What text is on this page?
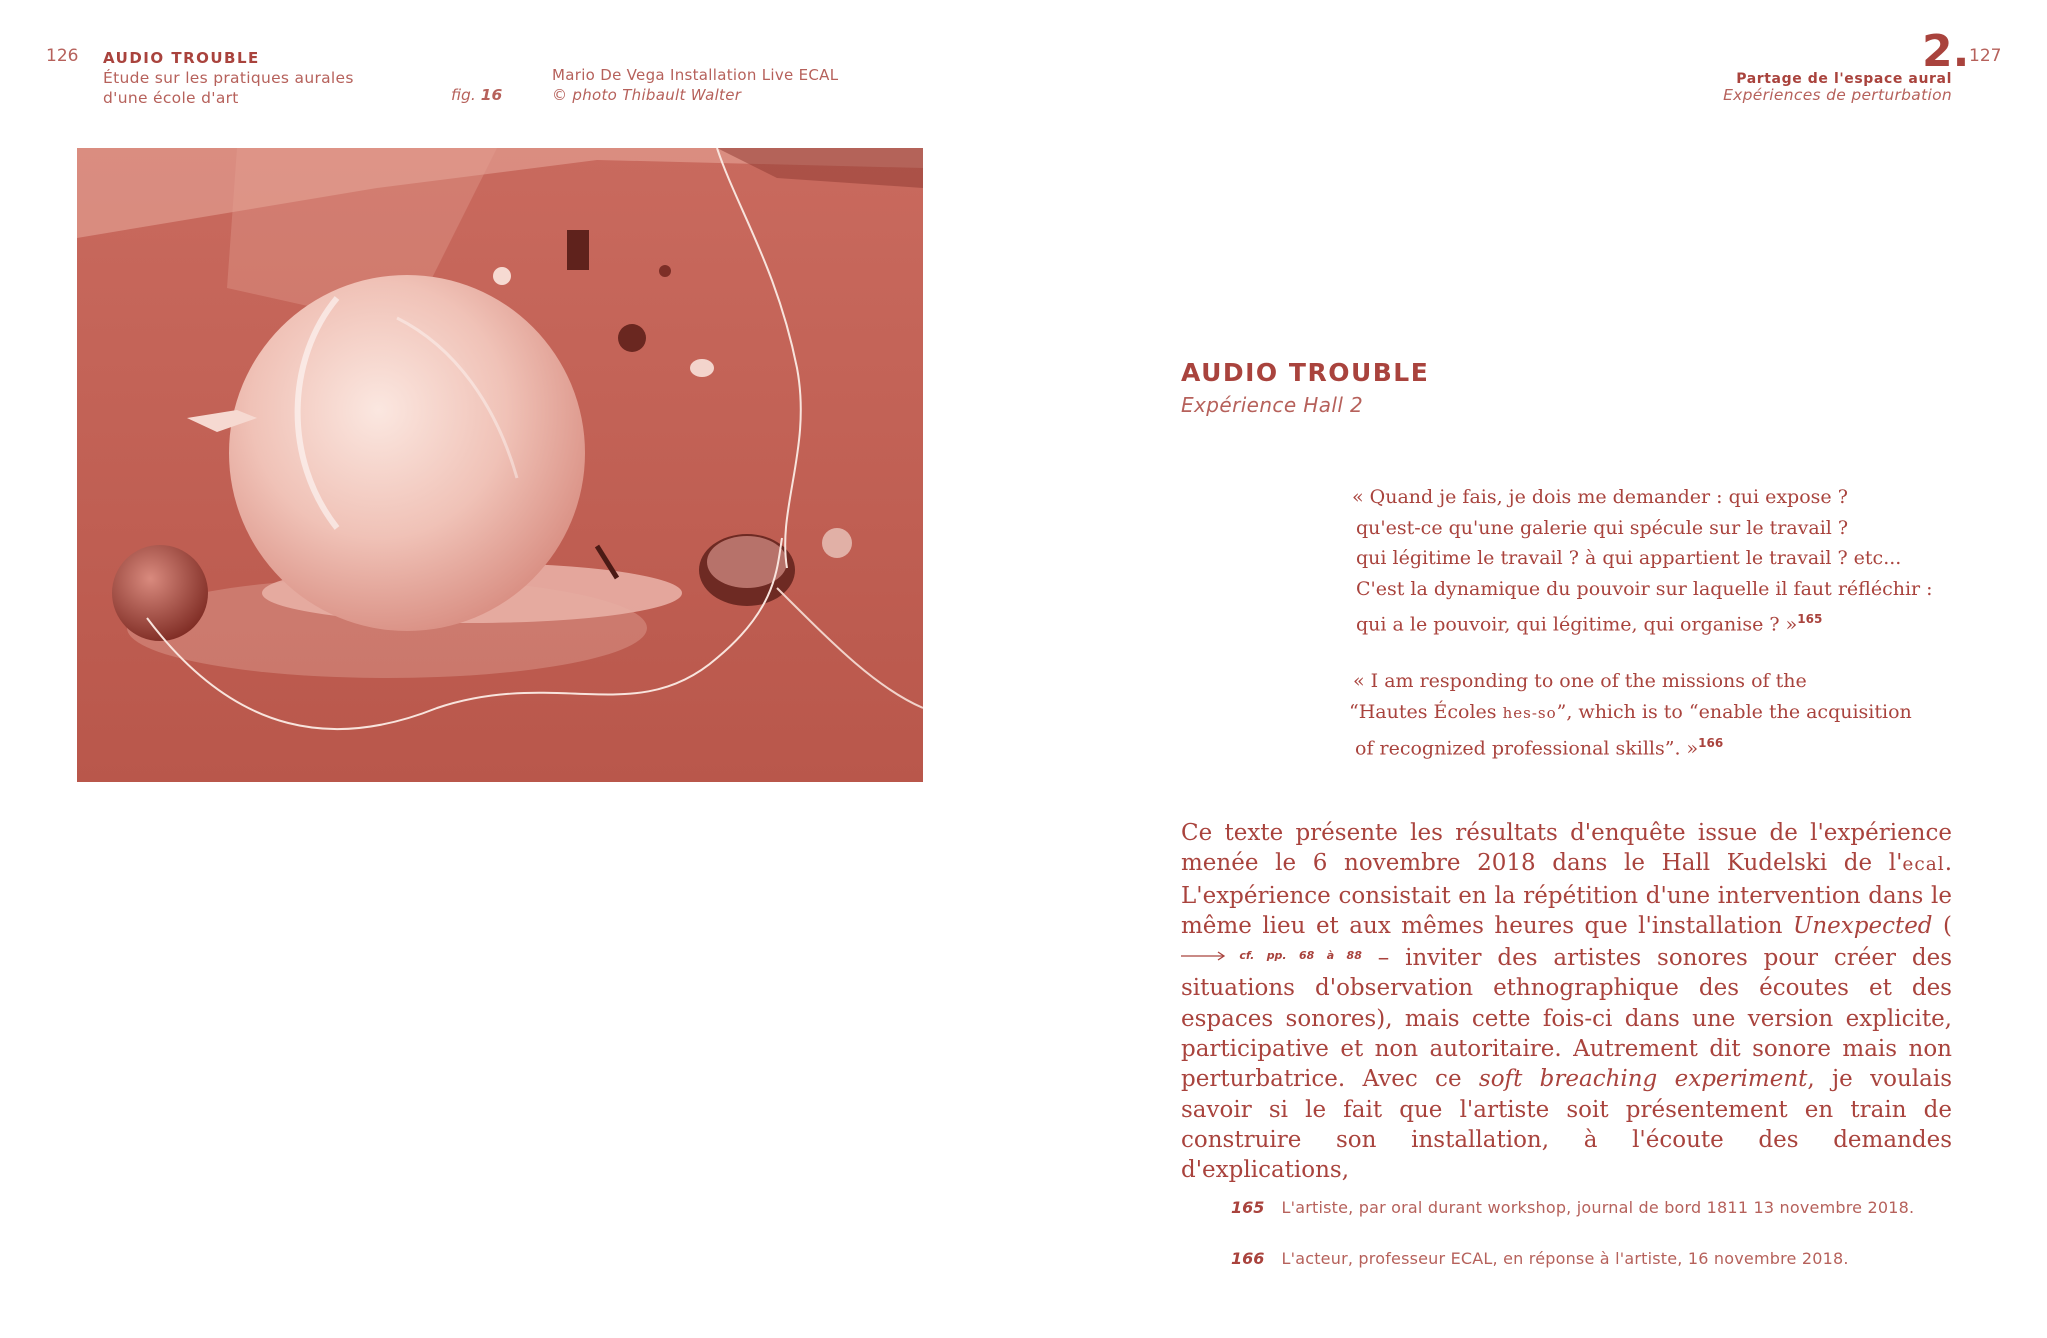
126 AUDIO TROUBLE
Étude sur les pratiques aurales
d'une école d'art	fig. 16
Mario De Vega Installation Live ECAL
© photo Thibault Walter
2. 127
Partage de l'espace aural
Expériences de perturbation
AUDIO TROUBLE
Expérience Hall 2
« Quand je fais, je dois me demander : qui expose ?
qu'est-ce qu'une galerie qui spécule sur le travail ?
qui légitime le travail ? à qui appartient le travail ? etc...
C'est la dynamique du pouvoir sur laquelle il faut réfléchir :
qui a le pouvoir, qui légitime, qui organise ? »$^{165}$
« I am responding to one of the missions of the
“Hautes Écoles hes-so”, which is to “enable the acquisition
of recognized professional skills”. »$^{166}$
Ce texte présente les résultats d'enquête issue de l'expérience menée le 6 novembre 2018 dans le Hall Kudelski de l'ecal. L'expérience consistait en la répétition d'une intervention dans le même lieu et aux mêmes heures que l'installation Unexpected ( $^{cf. pp. 68 à 88}$ – inviter des artistes sonores pour créer des situations d'observation ethnographique des écoutes et des espaces sonores), mais cette fois-ci dans une version explicite, participative et non autoritaire. Autrement dit sonore mais non perturbatrice. Avec ce soft breaching experiment, je voulais savoir si le fait que l'artiste soit présentement en train de construire son installation, à l'écoute des demandes d'explications,
165 L'artiste, par oral durant workshop, journal de bord 1811 13 novembre 2018.
166 L'acteur, professeur ECAL, en réponse à l'artiste, 16 novembre 2018.
